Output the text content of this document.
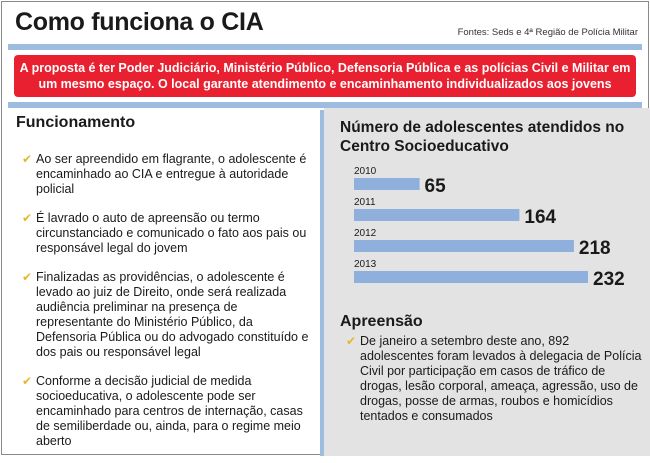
Como funciona o CIA	Fontes: Seds e 4ª Região de Polícia Militar
A proposta é ter Poder Judiciário, Ministério Público, Defensoria Pública e as polícias Civil e Militar em
um mesmo espaço. O local garante atendimento e encaminhamento individualizados aos jovens
Funcionamento
✔ Ao ser apreendido em flagrante, o adolescente é encaminhado ao CIA e entregue à autoridade policial
✔ É lavrado o auto de apreensão ou termo circunstanciado e comunicado o fato aos pais ou responsável legal do jovem
✔ Finalizadas as providências, o adolescente é levado ao juiz de Direito, onde será realizada audiência preliminar na presença de representante do Ministério Público, da Defensoria Pública ou do advogado constituído e dos pais ou responsável legal
✔ Conforme a decisão judicial de medida socioeducativa, o adolescente pode ser encaminhado para centros de internação, casas de semiliberdade ou, ainda, para o regime meio aberto
Número de adolescentes atendidos no Centro Socioeducativo
2010
65
2011
164
2012
218
2013
232
Apreensão
✔ De janeiro a setembro deste ano, 892 adolescentes foram levados à delegacia de Polícia Civil por participação em casos de tráfico de drogas, lesão corporal, ameaça, agressão, uso de drogas, posse de armas, roubos e homicídios tentados e consumados
